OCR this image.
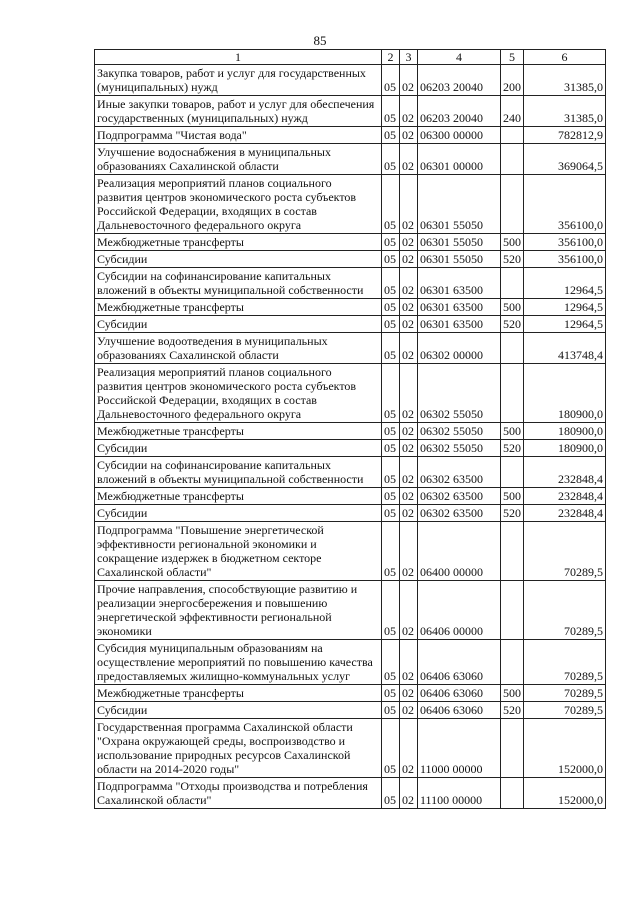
85
1	2	3	4	5	6
Закупка товаров, работ и услуг для государственных (муниципальных) нужд	05	02	06203 20040	200	31385,0
Иные закупки товаров, работ и услуг для обеспечения государственных (муниципальных) нужд	05	02	06203 20040	240	31385,0
Подпрограмма "Чистая вода"	05	02	06300 00000		782812,9
Улучшение водоснабжения в муниципальных образованиях Сахалинской области	05	02	06301 00000		369064,5
Реализация мероприятий планов социального развития центров экономического роста субъектов Российской Федерации, входящих в состав Дальневосточного федерального округа	05	02	06301 55050		356100,0
Межбюджетные трансферты	05	02	06301 55050	500	356100,0
Субсидии	05	02	06301 55050	520	356100,0
Субсидии на софинансирование капитальных вложений в объекты муниципальной собственности	05	02	06301 63500		12964,5
Межбюджетные трансферты	05	02	06301 63500	500	12964,5
Субсидии	05	02	06301 63500	520	12964,5
Улучшение водоотведения в муниципальных образованиях Сахалинской области	05	02	06302 00000		413748,4
Реализация мероприятий планов социального развития центров экономического роста субъектов Российской Федерации, входящих в состав Дальневосточного федерального округа	05	02	06302 55050		180900,0
Межбюджетные трансферты	05	02	06302 55050	500	180900,0
Субсидии	05	02	06302 55050	520	180900,0
Субсидии на софинансирование капитальных вложений в объекты муниципальной собственности	05	02	06302 63500		232848,4
Межбюджетные трансферты	05	02	06302 63500	500	232848,4
Субсидии	05	02	06302 63500	520	232848,4
Подпрограмма "Повышение энергетической эффективности региональной экономики и сокращение издержек в бюджетном секторе Сахалинской области"	05	02	06400 00000		70289,5
Прочие направления, способствующие развитию и реализации энергосбережения и повышению энергетической эффективности региональной экономики	05	02	06406 00000		70289,5
Субсидия муниципальным образованиям на осуществление мероприятий по повышению качества предоставляемых жилищно-коммунальных услуг	05	02	06406 63060		70289,5
Межбюджетные трансферты	05	02	06406 63060	500	70289,5
Субсидии	05	02	06406 63060	520	70289,5
Государственная программа Сахалинской области "Охрана окружающей среды, воспроизводство и использование природных ресурсов Сахалинской области на 2014-2020 годы"	05	02	11000 00000		152000,0
Подпрограмма "Отходы производства и потребления Сахалинской области"	05	02	11100 00000		152000,0
